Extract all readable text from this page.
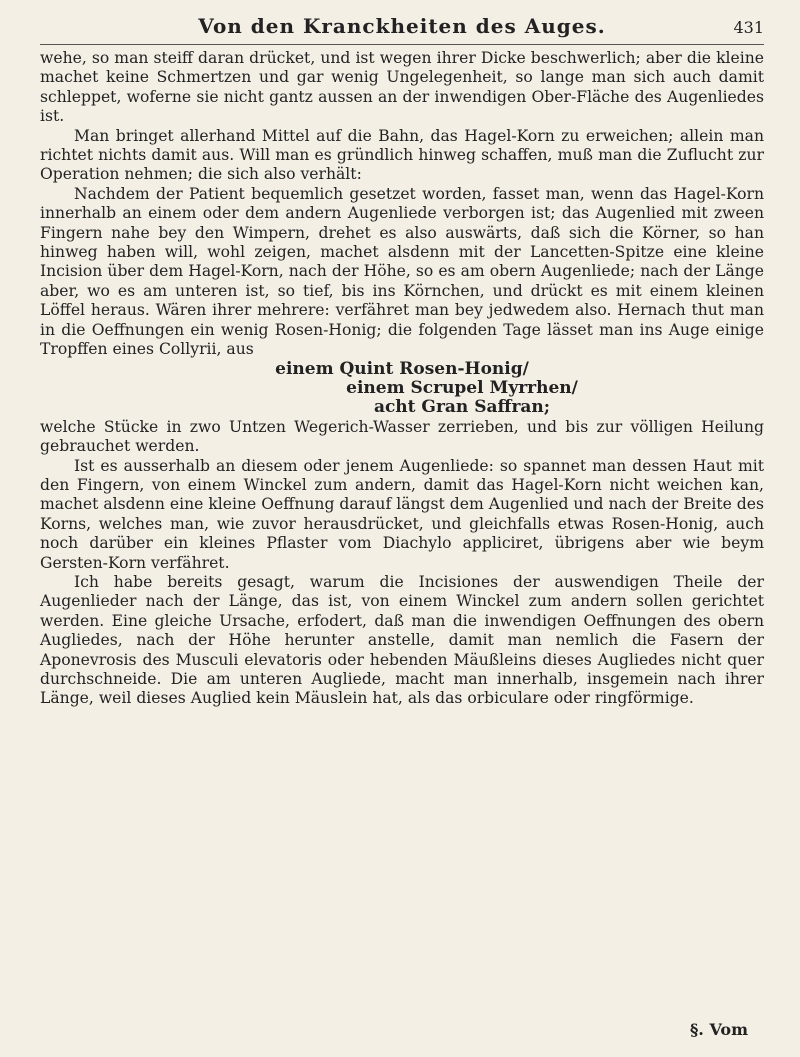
Von den Kranckheiten des Auges.	431

wehe, so man steiff daran drücket, und ist wegen ihrer Dicke beschwerlich; aber die kleine machet keine Schmertzen und gar wenig Ungelegenheit, so lange man sich auch damit schleppet, woferne sie nicht gantz aussen an der inwendigen Ober-Fläche des Augenliedes ist.

Man bringet allerhand Mittel auf die Bahn, das Hagel-Korn zu erweichen; allein man richtet nichts damit aus. Will man es gründlich hinweg schaffen, muß man die Zuflucht zur Operation nehmen; die sich also verhält:

Nachdem der Patient bequemlich gesetzet worden, fasset man, wenn das Hagel-Korn innerhalb an einem oder dem andern Augenliede verborgen ist; das Augenlied mit zween Fingern nahe bey den Wimpern, drehet es also auswärts, daß sich die Körner, so han hinweg haben will, wohl zeigen, machet alsdenn mit der Lancetten-Spitze eine kleine Incision über dem Hagel-Korn, nach der Höhe, so es am obern Augenliede; nach der Länge aber, wo es am unteren ist, so tief, bis ins Körnchen, und drückt es mit einem kleinen Löffel heraus. Wären ihrer mehrere: verfähret man bey jedwedem also. Hernach thut man in die Oeffnungen ein wenig Rosen-Honig; die folgenden Tage lässet man ins Auge einige Tropffen eines Collyrii, aus

einem Quint Rosen-Honig/

einem Scrupel Myrrhen/

acht Gran Saffran;

welche Stücke in zwo Untzen Wegerich-Wasser zerrieben, und bis zur völligen Heilung gebrauchet werden.

Ist es ausserhalb an diesem oder jenem Augenliede: so spannet man dessen Haut mit den Fingern, von einem Winckel zum andern, damit das Hagel-Korn nicht weichen kan, machet alsdenn eine kleine Oeffnung darauf längst dem Augenlied und nach der Breite des Korns, welches man, wie zuvor herausdrücket, und gleichfalls etwas Rosen-Honig, auch noch darüber ein kleines Pflaster vom Diachylo appliciret, übrigens aber wie beym Gersten-Korn verfähret.

Ich habe bereits gesagt, warum die Incisiones der auswendigen Theile der Augenlieder nach der Länge, das ist, von einem Winckel zum andern sollen gerichtet werden. Eine gleiche Ursache, erfodert, daß man die inwendigen Oeffnungen des obern Augliedes, nach der Höhe herunter anstelle, damit man nemlich die Fasern der Aponevrosis des Musculi elevatoris oder hebenden Mäußleins dieses Augliedes nicht quer durchschneide. Die am unteren Augliede, macht man innerhalb, insgemein nach ihrer Länge, weil dieses Auglied kein Mäuslein hat, als das orbiculare oder ringförmige.

§. Vom
